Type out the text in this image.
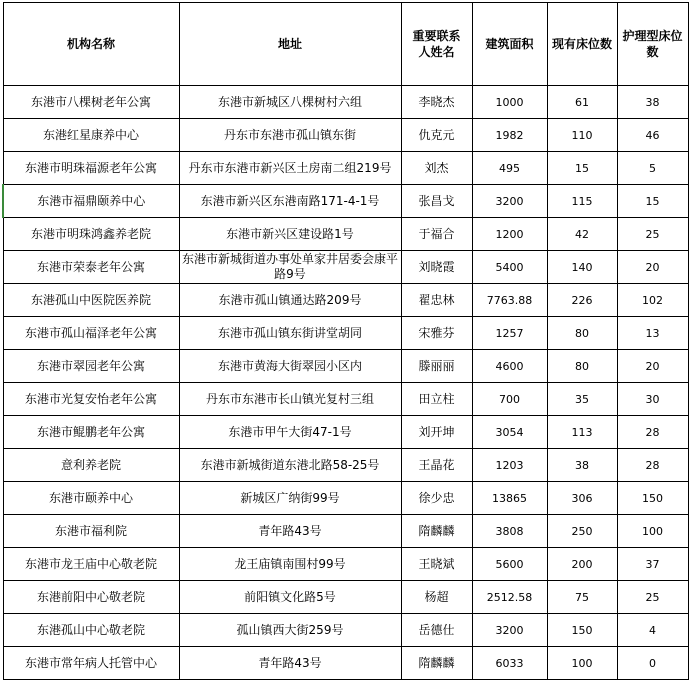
机构名称	地址	重要联系人姓名	建筑面积	现有床位数	护理型床位数
东港市八棵树老年公寓	东港市新城区八棵树村六组	李晓杰	1000	61	38
东港红星康养中心	丹东市东港市孤山镇东街	仇克元	1982	110	46
东港市明珠福源老年公寓	丹东市东港市新兴区土房南二组219号	刘杰	495	15	5
东港市福鼎颐养中心	东港市新兴区东港南路171-4-1号	张昌戈	3200	115	15
东港市明珠鸿鑫养老院	东港市新兴区建设路1号	于福合	1200	42	25
东港市荣泰老年公寓	东港市新城街道办事处单家井居委会康平路9号	刘晓霞	5400	140	20
东港孤山中医院医养院	东港市孤山镇通达路209号	翟忠林	7763.88	226	102
东港市孤山福泽老年公寓	东港市孤山镇东街讲堂胡同	宋雅芬	1257	80	13
东港市翠园老年公寓	东港市黄海大街翠园小区内	滕丽丽	4600	80	20
东港市光复安怡老年公寓	丹东市东港市长山镇光复村三组	田立柱	700	35	30
东港市鲲鹏老年公寓	东港市甲午大街47-1号	刘开坤	3054	113	28
意利养老院	东港市新城街道东港北路58-25号	王晶花	1203	38	28
东港市颐养中心	新城区广纳街99号	徐少忠	13865	306	150
东港市福利院	青年路43号	隋麟麟	3808	250	100
东港市龙王庙中心敬老院	龙王庙镇南围村99号	王晓斌	5600	200	37
东港前阳中心敬老院	前阳镇文化路5号	杨超	2512.58	75	25
东港孤山中心敬老院	孤山镇西大街259号	岳德仕	3200	150	4
东港市常年病人托管中心	青年路43号	隋麟麟	6033	100	0
